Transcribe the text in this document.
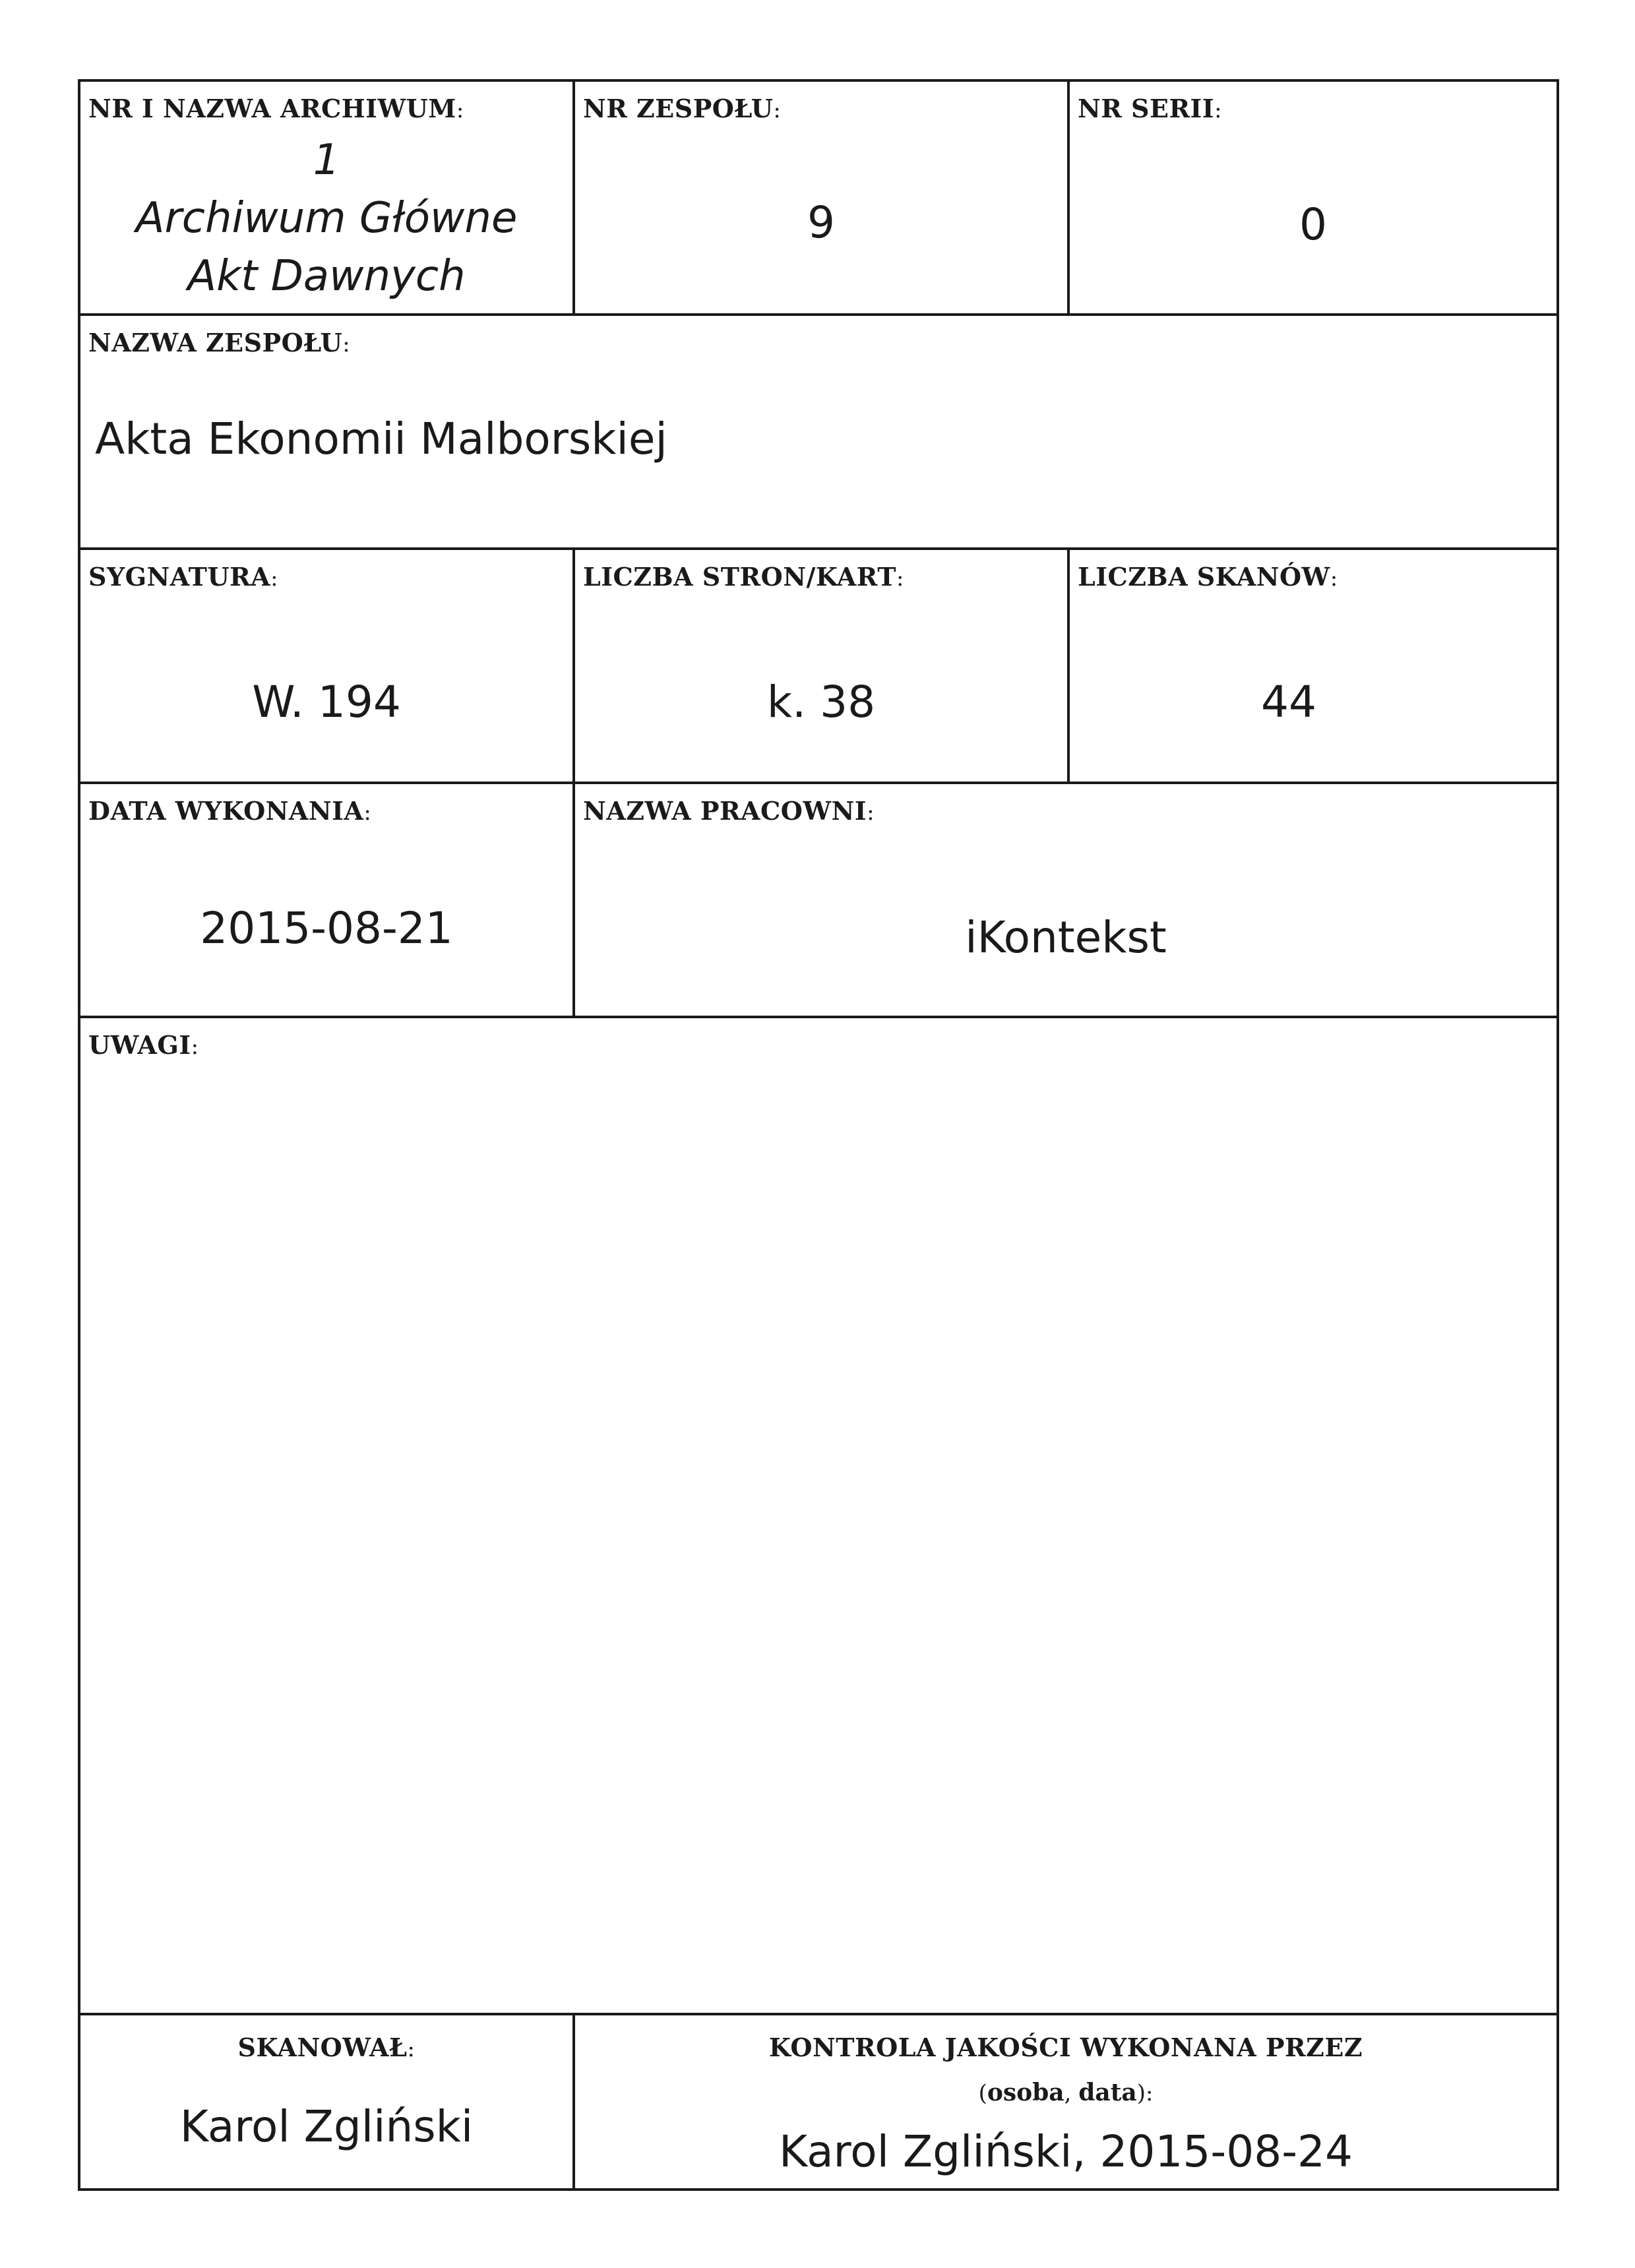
NR I NAZWA ARCHIWUM:
1
Archiwum Główne
Akt Dawnych
NR ZESPOŁU:
9
NR SERII:
0
NAZWA ZESPOŁU:
Akta Ekonomii Malborskiej
SYGNATURA:
W. 194
LICZBA STRON/KART:
k. 38
LICZBA SKANÓW:
44
DATA WYKONANIA:
2015-08-21
NAZWA PRACOWNI:
iKontekst
UWAGI:
SKANOWAŁ:
Karol Zgliński
KONTROLA JAKOŚCI WYKONANA PRZEZ
(osoba, data):
Karol Zgliński, 2015-08-24
